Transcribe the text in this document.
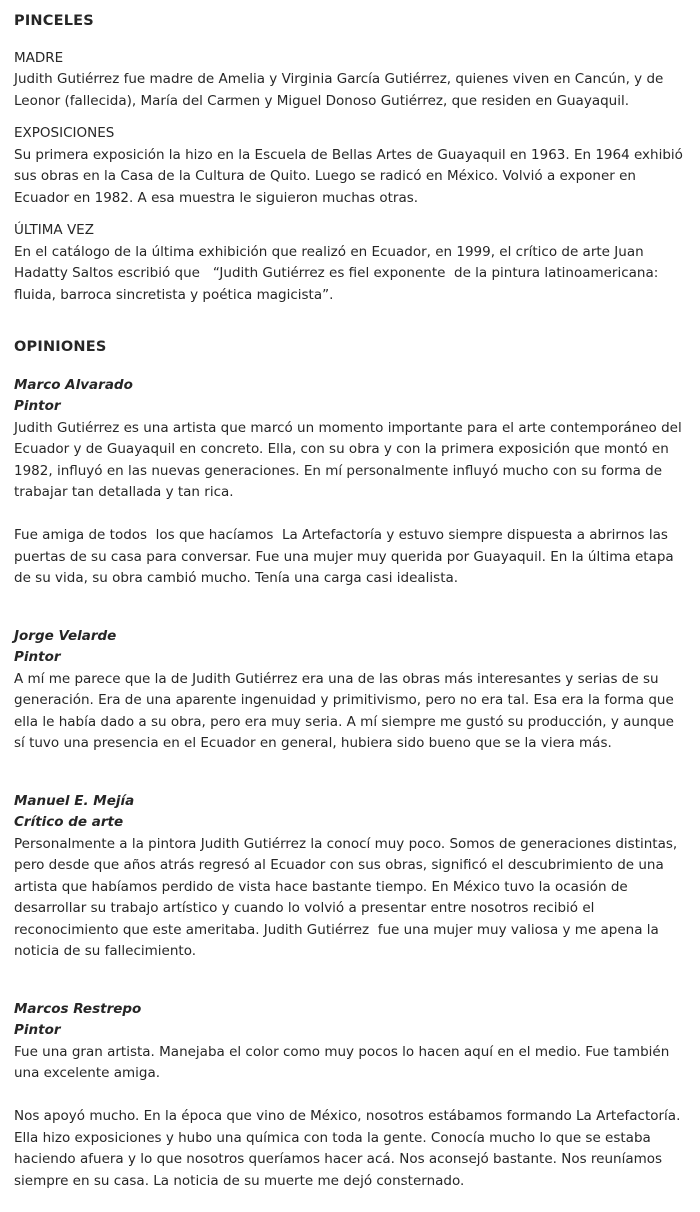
PINCELES
MADRE

Judith Gutiérrez fue madre de Amelia y Virginia García Gutiérrez, quienes viven en Cancún, y de Leonor (fallecida), María del Carmen y Miguel Donoso Gutiérrez, que residen en Guayaquil.

EXPOSICIONES

Su primera exposición la hizo en la Escuela de Bellas Artes de Guayaquil en 1963. En 1964 exhibió sus obras en la Casa de la Cultura de Quito. Luego se radicó en México. Volvió a exponer en Ecuador en 1982. A esa muestra le siguieron muchas otras.

ÚLTIMA VEZ

En el catálogo de la última exhibición que realizó en Ecuador, en 1999, el crítico de arte Juan Hadatty Saltos escribió que   “Judith Gutiérrez es fiel exponente  de la pintura latinoamericana: fluida, barroca sincretista y poética magicista”.

OPINIONES
Marco Alvarado
Pintor

Judith Gutiérrez es una artista que marcó un momento importante para el arte contemporáneo del Ecuador y de Guayaquil en concreto. Ella, con su obra y con la primera exposición que montó en 1982, influyó en las nuevas generaciones. En mí personalmente influyó mucho con su forma de trabajar tan detallada y tan rica.

Fue amiga de todos  los que hacíamos  La Artefactoría y estuvo siempre dispuesta a abrirnos las puertas de su casa para conversar. Fue una mujer muy querida por Guayaquil. En la última etapa de su vida, su obra cambió mucho. Tenía una carga casi idealista.

Jorge Velarde
Pintor

A mí me parece que la de Judith Gutiérrez era una de las obras más interesantes y serias de su generación. Era de una aparente ingenuidad y primitivismo, pero no era tal. Esa era la forma que ella le había dado a su obra, pero era muy seria. A mí siempre me gustó su producción, y aunque sí tuvo una presencia en el Ecuador en general, hubiera sido bueno que se la viera más.

Manuel E. Mejía
Crítico de arte

Personalmente a la pintora Judith Gutiérrez la conocí muy poco. Somos de generaciones distintas, pero desde que años atrás regresó al Ecuador con sus obras, significó el descubrimiento de una artista que habíamos perdido de vista hace bastante tiempo. En México tuvo la ocasión de desarrollar su trabajo artístico y cuando lo volvió a presentar entre nosotros recibió el reconocimiento que este ameritaba. Judith Gutiérrez  fue una mujer muy valiosa y me apena la noticia de su fallecimiento.

Marcos Restrepo
Pintor

Fue una gran artista. Manejaba el color como muy pocos lo hacen aquí en el medio. Fue también una excelente amiga.

Nos apoyó mucho. En la época que vino de México, nosotros estábamos formando La Artefactoría. Ella hizo exposiciones y hubo una química con toda la gente. Conocía mucho lo que se estaba haciendo afuera y lo que nosotros queríamos hacer acá. Nos aconsejó bastante. Nos reuníamos siempre en su casa. La noticia de su muerte me dejó consternado.
